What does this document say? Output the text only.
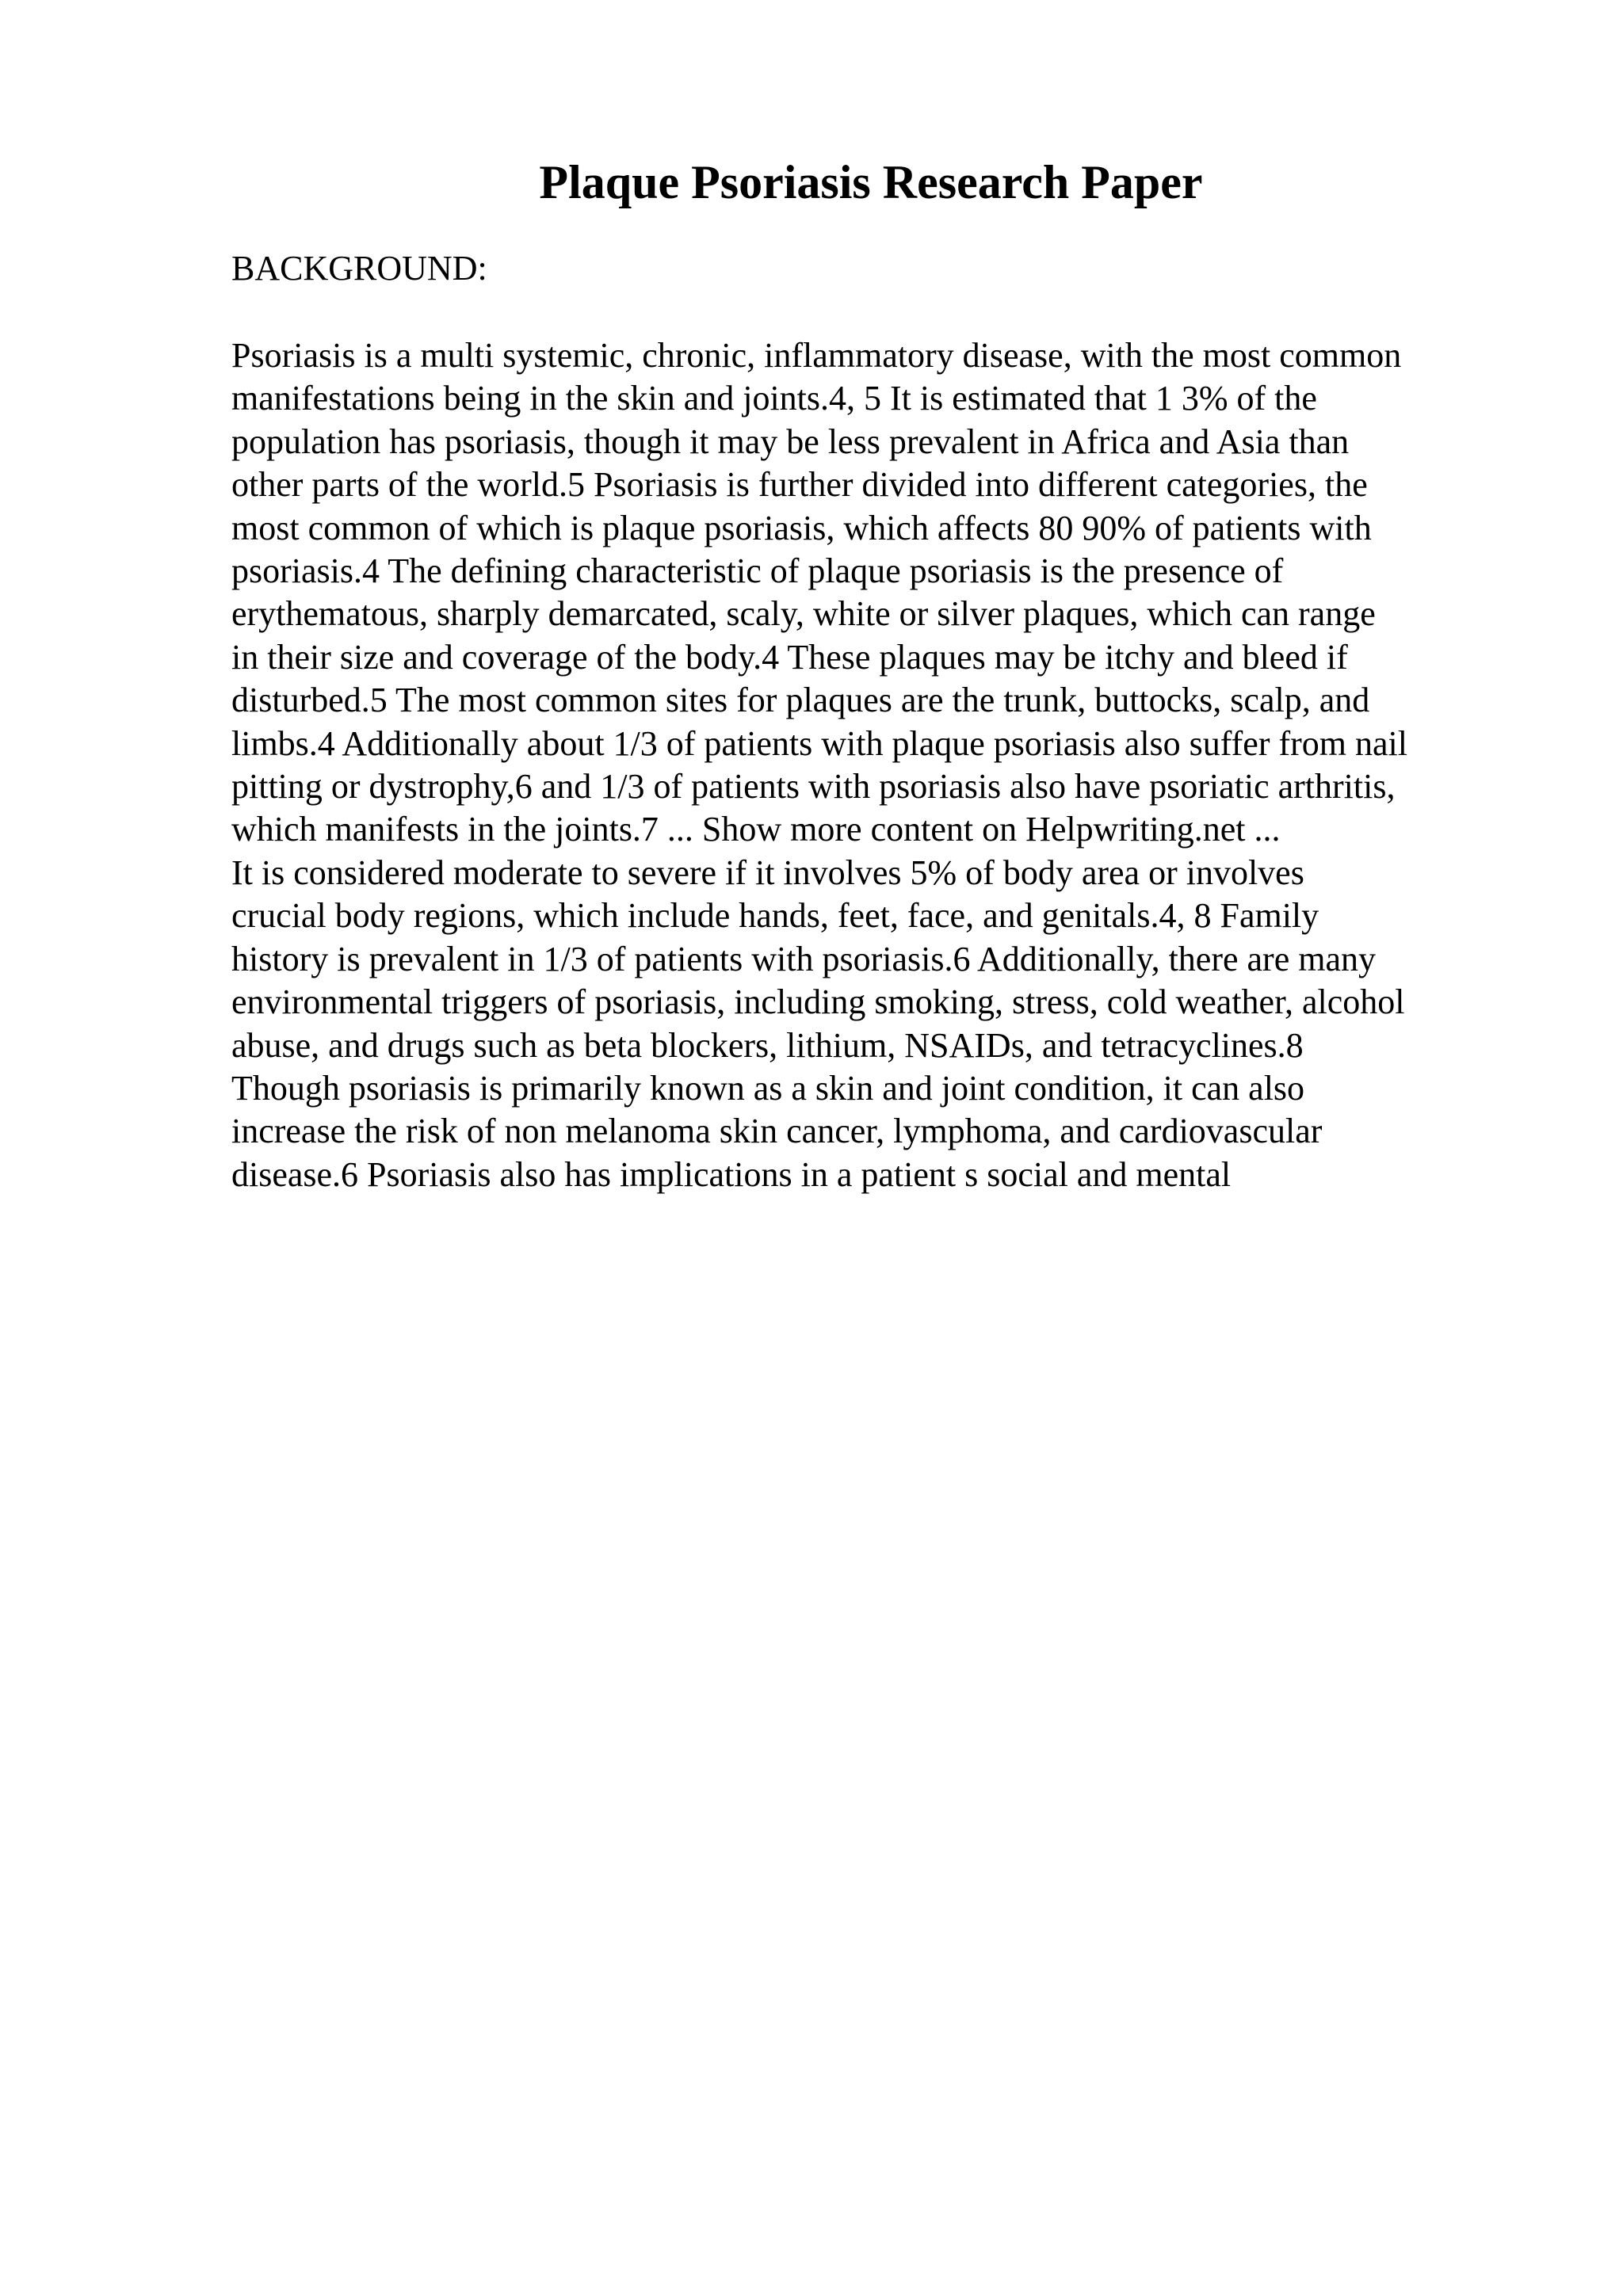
Plaque Psoriasis Research Paper

BACKGROUND:

Psoriasis is a multi systemic, chronic, inflammatory disease, with the most common
manifestations being in the skin and joints.4, 5 It is estimated that 1 3% of the
population has psoriasis, though it may be less prevalent in Africa and Asia than
other parts of the world.5 Psoriasis is further divided into different categories, the
most common of which is plaque psoriasis, which affects 80 90% of patients with
psoriasis.4 The defining characteristic of plaque psoriasis is the presence of
erythematous, sharply demarcated, scaly, white or silver plaques, which can range
in their size and coverage of the body.4 These plaques may be itchy and bleed if
disturbed.5 The most common sites for plaques are the trunk, buttocks, scalp, and
limbs.4 Additionally about 1/3 of patients with plaque psoriasis also suffer from nail
pitting or dystrophy,6 and 1/3 of patients with psoriasis also have psoriatic arthritis,
which manifests in the joints.7 ... Show more content on Helpwriting.net ...
It is considered moderate to severe if it involves 5% of body area or involves
crucial body regions, which include hands, feet, face, and genitals.4, 8 Family
history is prevalent in 1/3 of patients with psoriasis.6 Additionally, there are many
environmental triggers of psoriasis, including smoking, stress, cold weather, alcohol
abuse, and drugs such as beta blockers, lithium, NSAIDs, and tetracyclines.8
Though psoriasis is primarily known as a skin and joint condition, it can also
increase the risk of non melanoma skin cancer, lymphoma, and cardiovascular
disease.6 Psoriasis also has implications in a patient s social and mental
